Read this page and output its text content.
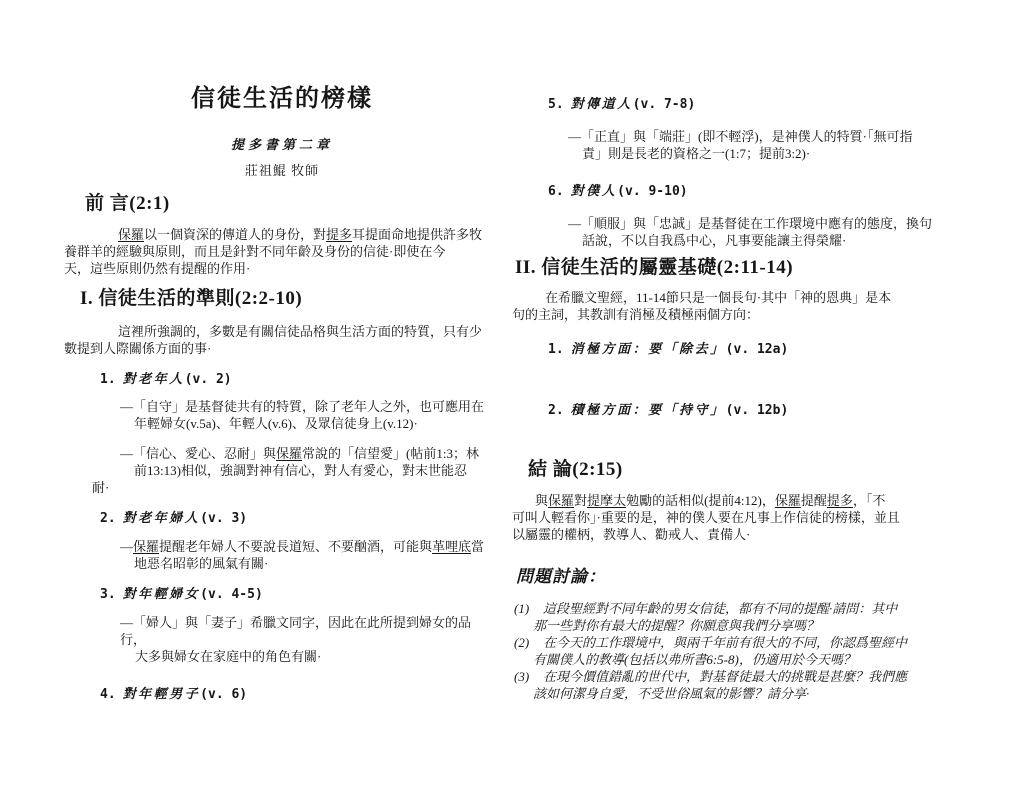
信徒生活的榜樣
提多書第二章
莊祖鯤 牧師
前 言(2:1)
保羅以一個資深的傳道人的身份，對提多耳提面命地提供許多牧
養群羊的經驗與原則，而且是針對不同年齡及身份的信徒·即使在今
天，這些原則仍然有提醒的作用·
I. 信徒生活的準則(2:2-10)
這裡所強調的，多數是有關信徒品格與生活方面的特質，只有少
數提到人際關係方面的事·
1. 對老年人(v. 2)
—「自守」是基督徒共有的特質，除了老年人之外，也可應用在
年輕婦女(v.5a)、年輕人(v.6)、及眾信徒身上(v.12)·
—「信心、愛心、忍耐」與保羅常說的「信望愛」(帖前1:3；林
前13:13)相似，強調對神有信心，對人有愛心，對末世能忍
耐·
2. 對老年婦人(v. 3)
—保羅提醒老年婦人不要說長道短、不要酗酒，可能與革哩底當
地惡名昭彰的風氣有關·
3. 對年輕婦女(v. 4-5)
—「婦人」與「妻子」希臘文同字，因此在此所提到婦女的品
行，
大多與婦女在家庭中的角色有關·
4. 對年輕男子(v. 6)
5. 對傳道人(v. 7-8)
—「正直」與「端莊」(即不輕浮)，是神僕人的特質·「無可指
責」則是長老的資格之一(1:7；提前3:2)·
6. 對僕人(v. 9-10)
—「順服」與「忠誠」是基督徒在工作環境中應有的態度，換句
話說，不以自我爲中心，凡事要能讓主得榮耀·
II. 信徒生活的屬靈基礎(2:11-14)
在希臘文聖經，11-14節只是一個長句·其中「神的恩典」是本
句的主詞，其教訓有消極及積極兩個方向：
1. 消極方面：要「除去」(v. 12a)
2. 積極方面：要「持守」(v. 12b)
結 論(2:15)
與保羅對提摩太勉勵的話相似(提前4:12)，保羅提醒提多，「不
可叫人輕看你」·重要的是，神的僕人要在凡事上作信徒的榜樣，並且
以屬靈的權柄，教導人、勸戒人、責備人·
問題討論：
(1) 這段聖經對不同年齡的男女信徒，都有不同的提醒·請問：其中
那一些對你有最大的提醒？你願意與我們分享嗎？
(2) 在今天的工作環境中，與兩千年前有很大的不同，你認爲聖經中
有關僕人的教導(包括以弗所書6:5-8)，仍適用於今天嗎？
(3) 在現今價值錯亂的世代中，對基督徒最大的挑戰是甚麼？我們應
該如何潔身自愛，不受世俗風氣的影響？請分享·
